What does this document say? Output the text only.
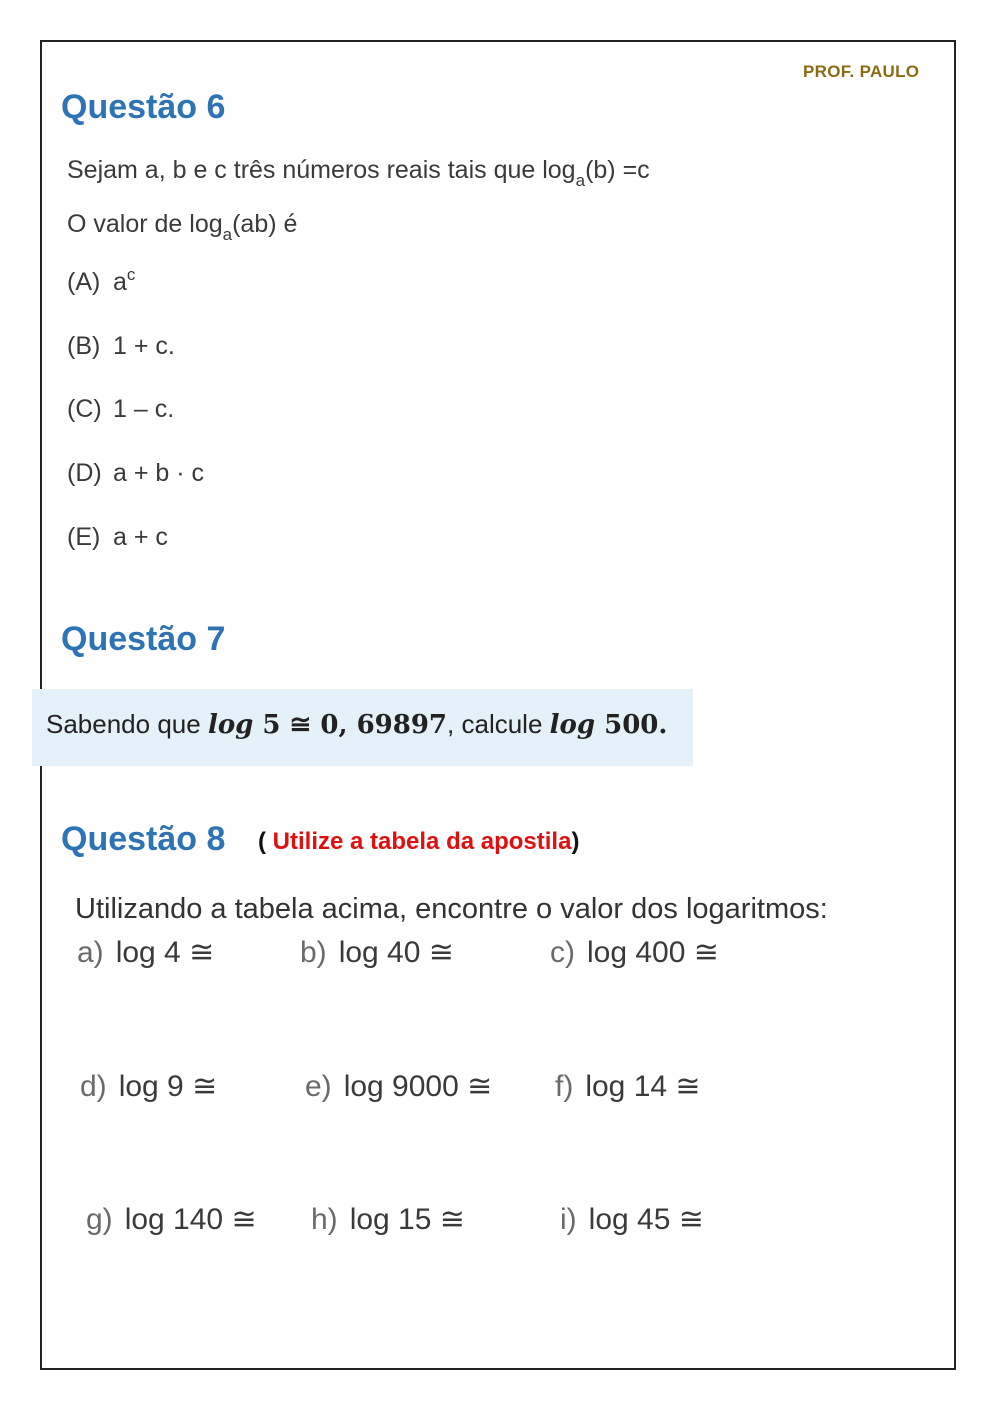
PROF. PAULO
Questão 6
Sejam a, b e c três números reais tais que $\log_a(b) =c$
O valor de $\log_a(ab)$ é
(A) $a^c$
(B) 1 + c.
(C) 1 – c.
(D) a + b · c
(E) a + c
Questão 7
Sabendo que log 5 ≅ 0, 69897, calcule log 500.
Questão 8 ( Utilize a tabela da apostila)
Utilizando a tabela acima, encontre o valor dos logaritmos:
a) log 4 ≅	b) log 40 ≅	c) log 400 ≅
d) log 9 ≅	e) log 9000 ≅ f) log 14 ≅
g) log 140 ≅ h) log 15 ≅	i) log 45 ≅
